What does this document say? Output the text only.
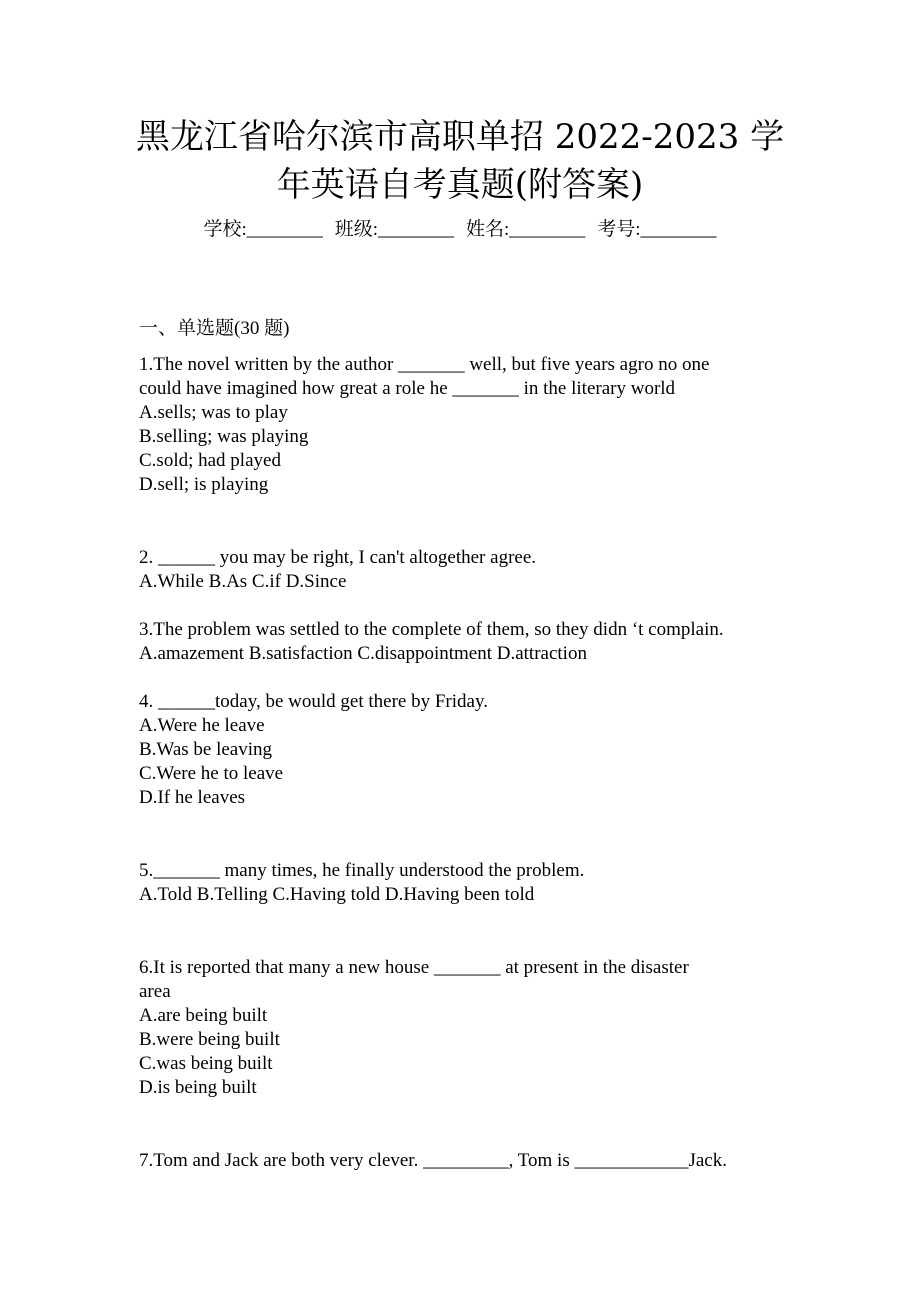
黑龙江省哈尔滨市高职单招 2022-2023 学
年英语自考真题(附答案)
学校:________ 班级:________ 姓名:________ 考号:________
一、单选题(30 题)
1.The novel written by the author _______ well, but five years agro no one
could have imagined how great a role he _______ in the literary world
A.sells; was to play
B.selling; was playing
C.sold; had played
D.sell; is playing
2. ______ you may be right, I can't altogether agree.
A.While B.As C.if D.Since
3.The problem was settled to the complete of them, so they didn ‘t complain.
A.amazement B.satisfaction C.disappointment D.attraction
4. ______today, be would get there by Friday.
A.Were he leave
B.Was be leaving
C.Were he to leave
D.If he leaves
5._______ many times, he finally understood the problem.
A.Told B.Telling C.Having told D.Having been told
6.It is reported that many a new house _______ at present in the disaster
area
A.are being built
B.were being built
C.was being built
D.is being built
7.Tom and Jack are both very clever. _________, Tom is ____________Jack.
